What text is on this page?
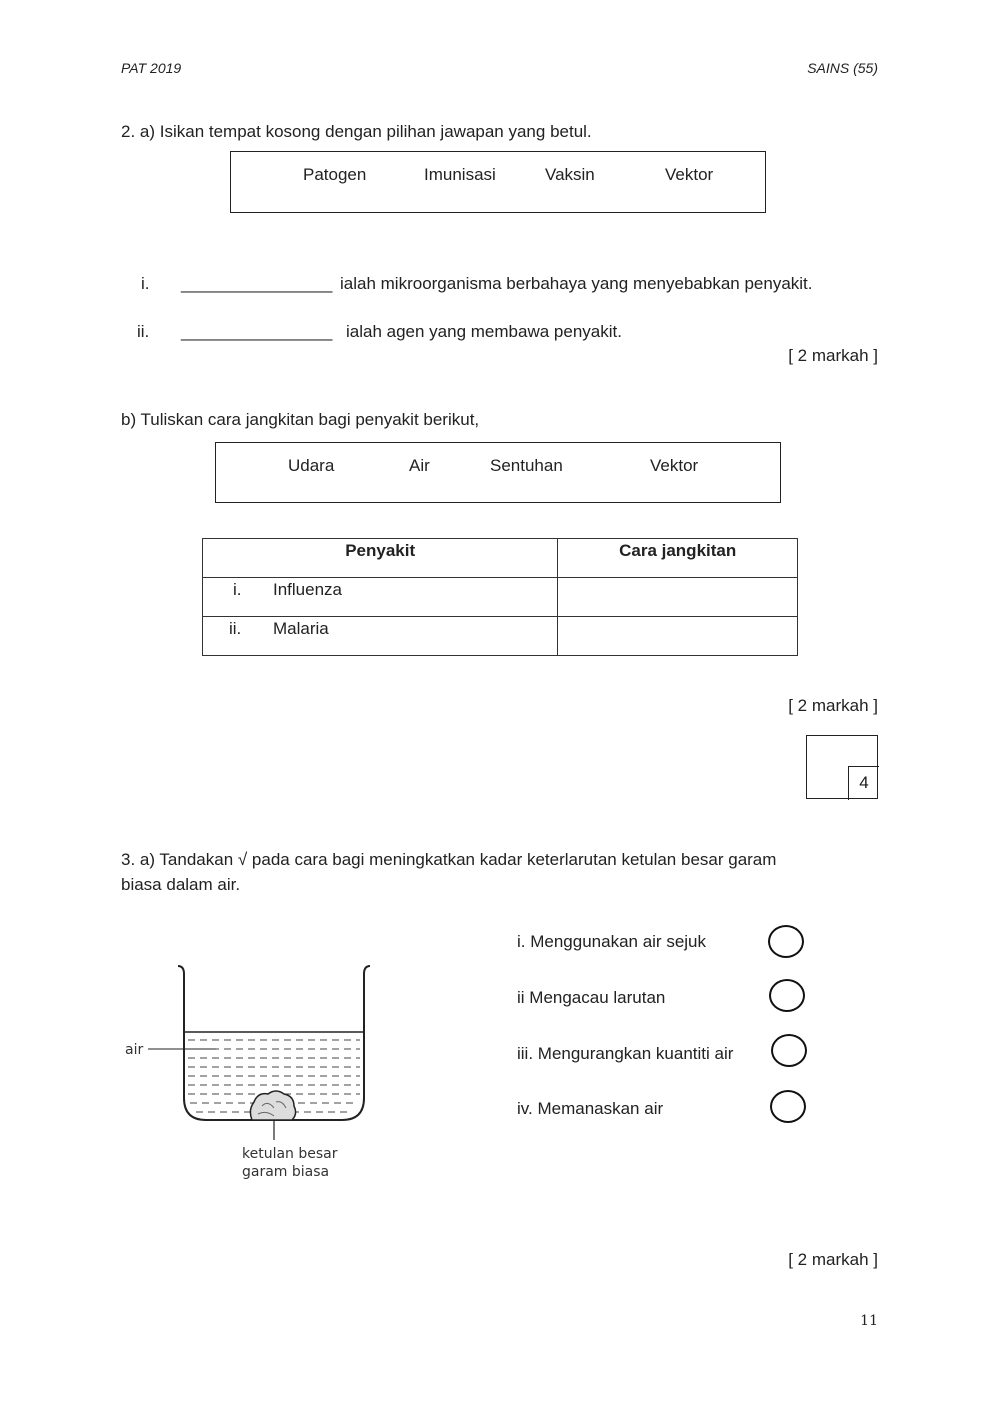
PAT 2019	SAINS (55)
2. a) Isikan tempat kosong dengan pilihan jawapan yang betul.
Patogen	Imunisasi	Vaksin	Vektor
i. ________________ ialah mikroorganisma berbahaya yang menyebabkan penyakit.
ii. ________________ ialah agen yang membawa penyakit.
[ 2 markah ]
b) Tuliskan cara jangkitan bagi penyakit berikut,
Udara	Air	Sentuhan	Vektor
Penyakit	Cara jangkitan
i. Influenza	
ii. Malaria	
[ 2 markah ]
4
3. a) Tandakan √ pada cara bagi meningkatkan kadar keterlarutan ketulan besar garam
biasa dalam air.
air
ketulan besar
garam biasa
i. Menggunakan air sejuk
ii Mengacau larutan
iii. Mengurangkan kuantiti air
iv. Memanaskan air
[ 2 markah ]
11
